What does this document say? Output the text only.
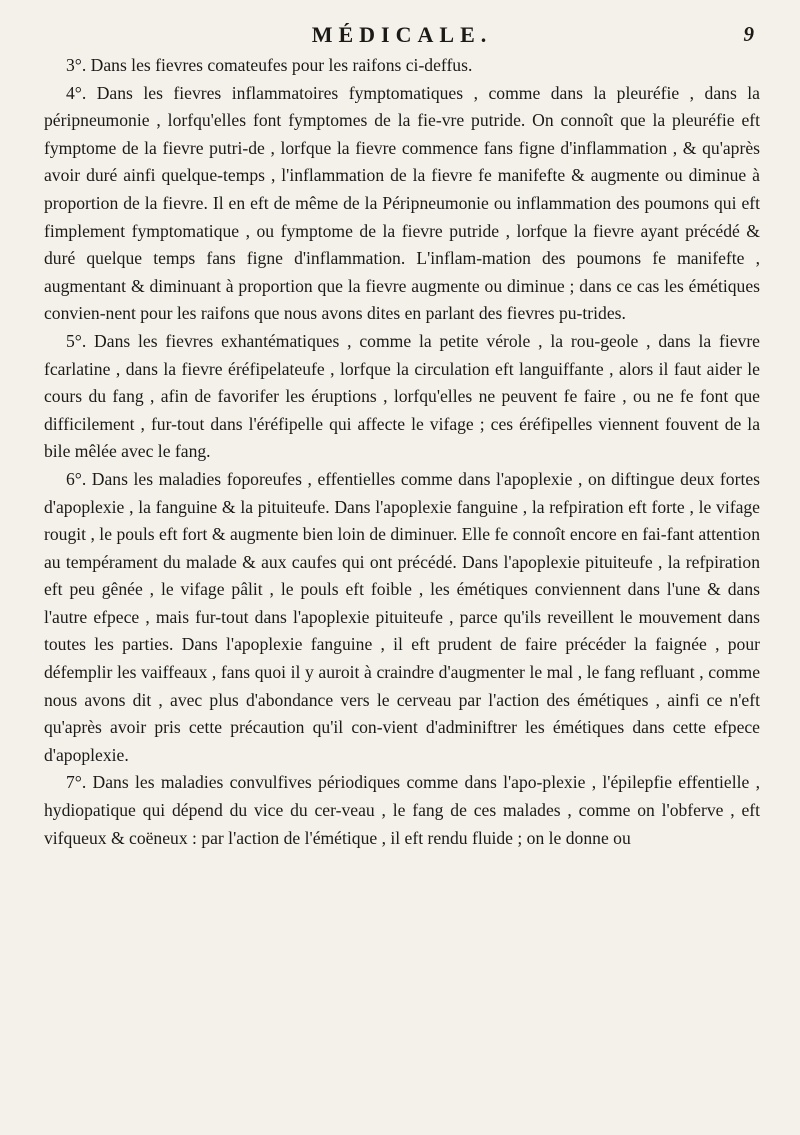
MÉDICALE.	9

3°. Dans les fievres comateufes pour les raifons ci-deffus.

4°. Dans les fievres inflammatoires fymptomatiques , comme dans la pleuréfie , dans la péripneumonie , lorfqu'elles font fymptomes de la fie-vre putride. On connoît que la pleuréfie eft fymptome de la fievre putri-de , lorfque la fievre commence fans figne d'inflammation , & qu'après avoir duré ainfi quelque-temps , l'inflammation de la fievre fe manifefte & augmente ou diminue à proportion de la fievre. Il en eft de même de la Péripneumonie ou inflammation des poumons qui eft fimplement fymptomatique , ou fymptome de la fievre putride , lorfque la fievre ayant précédé & duré quelque temps fans figne d'inflammation. L'inflam-mation des poumons fe manifefte , augmentant & diminuant à proportion que la fievre augmente ou diminue ; dans ce cas les émétiques convien-nent pour les raifons que nous avons dites en parlant des fievres pu-trides.

5°. Dans les fievres exhantématiques , comme la petite vérole , la rou-geole , dans la fievre fcarlatine , dans la fievre éréfipelateufe , lorfque la circulation eft languiffante , alors il faut aider le cours du fang , afin de favorifer les éruptions , lorfqu'elles ne peuvent fe faire , ou ne fe font que difficilement , fur-tout dans l'éréfipelle qui affecte le vifage ; ces éréfipelles viennent fouvent de la bile mêlée avec le fang.

6°. Dans les maladies foporeufes , effentielles comme dans l'apoplexie , on diftingue deux fortes d'apoplexie , la fanguine & la pituiteufe. Dans l'apoplexie fanguine , la refpiration eft forte , le vifage rougit , le pouls eft fort & augmente bien loin de diminuer. Elle fe connoît encore en fai-fant attention au tempérament du malade & aux caufes qui ont précédé. Dans l'apoplexie pituiteufe , la refpiration eft peu gênée , le vifage pâlit , le pouls eft foible , les émétiques conviennent dans l'une & dans l'autre efpece , mais fur-tout dans l'apoplexie pituiteufe , parce qu'ils reveillent le mouvement dans toutes les parties. Dans l'apoplexie fanguine , il eft prudent de faire précéder la faignée , pour défemplir les vaiffeaux , fans quoi il y auroit à craindre d'augmenter le mal , le fang refluant , comme nous avons dit , avec plus d'abondance vers le cerveau par l'action des émétiques , ainfi ce n'eft qu'après avoir pris cette précaution qu'il con-vient d'adminiftrer les émétiques dans cette efpece d'apoplexie.

7°. Dans les maladies convulfives périodiques comme dans l'apo-plexie , l'épilepfie effentielle , hydiopatique qui dépend du vice du cer-veau , le fang de ces malades , comme on l'obferve , eft vifqueux & coëneux : par l'action de l'émétique , il eft rendu fluide ; on le donne ou
